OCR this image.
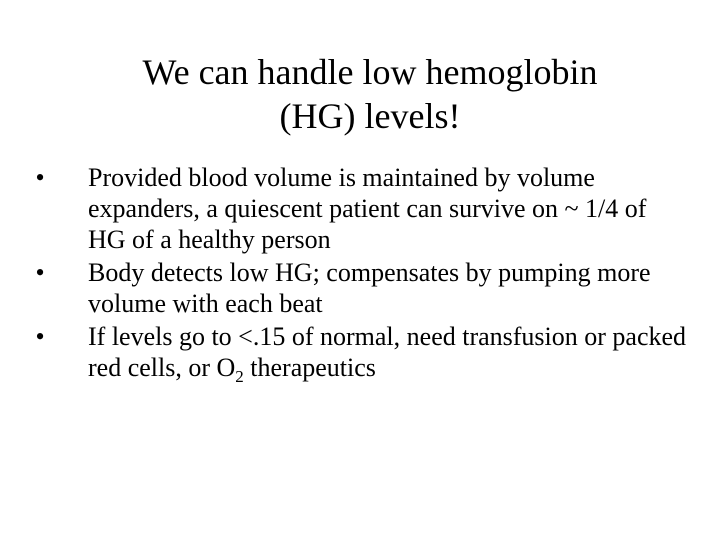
We can handle low hemoglobin
(HG) levels!
• Provided blood volume is maintained by volume expanders, a quiescent patient can survive on ~ 1/4 of HG of a healthy person
• Body detects low HG; compensates by pumping more volume with each beat
• If levels go to <.15 of normal, need transfusion or packed red cells, or $O_2$ therapeutics
